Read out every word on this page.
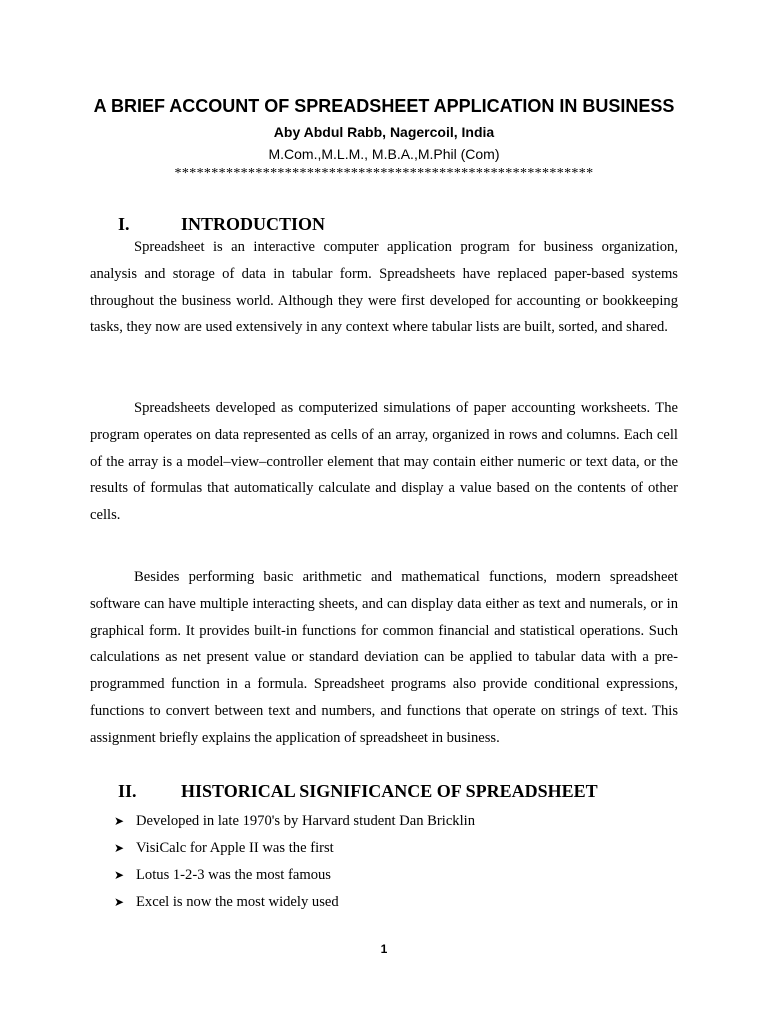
A BRIEF ACCOUNT OF SPREADSHEET APPLICATION IN BUSINESS
Aby Abdul Rabb, Nagercoil, India
M.Com.,M.L.M., M.B.A.,M.Phil (Com)
*********************************************************
I.	INTRODUCTION

Spreadsheet is an interactive computer application program for business organization, analysis and storage of data in tabular form. Spreadsheets have replaced paper-based systems throughout the business world. Although they were first developed for accounting or bookkeeping tasks, they now are used extensively in any context where tabular lists are built, sorted, and shared.

Spreadsheets developed as computerized simulations of paper accounting worksheets. The program operates on data represented as cells of an array, organized in rows and columns. Each cell of the array is a model–view–controller element that may contain either numeric or text data, or the results of formulas that automatically calculate and display a value based on the contents of other cells.

Besides performing basic arithmetic and mathematical functions, modern spreadsheet software can have multiple interacting sheets, and can display data either as text and numerals, or in graphical form. It provides built-in functions for common financial and statistical operations. Such calculations as net present value or standard deviation can be applied to tabular data with a pre-programmed function in a formula. Spreadsheet programs also provide conditional expressions, functions to convert between text and numbers, and functions that operate on strings of text. This assignment briefly explains the application of spreadsheet in business.

II. HISTORICAL SIGNIFICANCE OF SPREADSHEET
➤ Developed in late 1970's by Harvard student Dan Bricklin
➤ VisiCalc for Apple II was the first
➤ Lotus 1-2-3 was the most famous
➤ Excel is now the most widely used
1
